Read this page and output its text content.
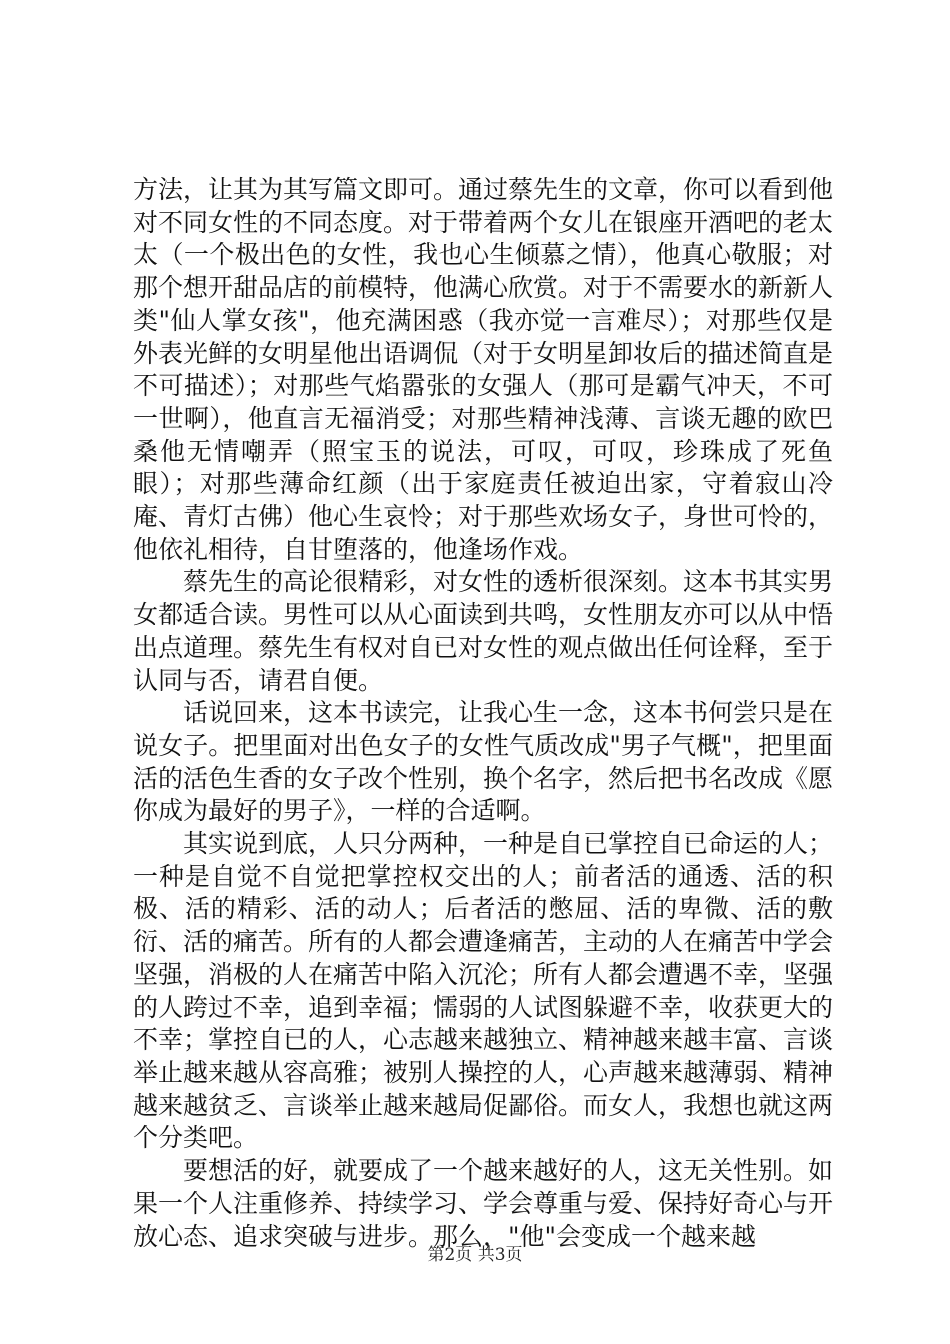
方法，让其为其写篇文即可。通过蔡先生的文章，你可以看到他对不同女性的不同态度。对于带着两个女儿在银座开酒吧的老太太（一个极出色的女性，我也心生倾慕之情），他真心敬服；对那个想开甜品店的前模特，他满心欣赏。对于不需要水的新新人类"仙人掌女孩"，他充满困惑（我亦觉一言难尽）；对那些仅是外表光鲜的女明星他出语调侃（对于女明星卸妆后的描述简直是不可描述）；对那些气焰嚣张的女强人（那可是霸气冲天，不可一世啊），他直言无福消受；对那些精神浅薄、言谈无趣的欧巴桑他无情嘲弄（照宝玉的说法，可叹，可叹，珍珠成了死鱼眼）；对那些薄命红颜（出于家庭责任被迫出家，守着寂山冷庵、青灯古佛）他心生哀怜；对于那些欢场女子，身世可怜的，他依礼相待，自甘堕落的，他逢场作戏。

蔡先生的高论很精彩，对女性的透析很深刻。这本书其实男女都适合读。男性可以从心面读到共鸣，女性朋友亦可以从中悟出点道理。蔡先生有权对自已对女性的观点做出任何诠释，至于认同与否，请君自便。

话说回来，这本书读完，让我心生一念，这本书何尝只是在说女子。把里面对出色女子的女性气质改成"男子气概"，把里面活的活色生香的女子改个性别，换个名字，然后把书名改成《愿你成为最好的男子》，一样的合适啊。

其实说到底，人只分两种，一种是自已掌控自已命运的人；一种是自觉不自觉把掌控权交出的人；前者活的通透、活的积极、活的精彩、活的动人；后者活的憋屈、活的卑微、活的敷衍、活的痛苦。所有的人都会遭逢痛苦，主动的人在痛苦中学会坚强，消极的人在痛苦中陷入沉沦；所有人都会遭遇不幸，坚强的人跨过不幸，追到幸福；懦弱的人试图躲避不幸，收获更大的不幸；掌控自已的人，心志越来越独立、精神越来越丰富、言谈举止越来越从容高雅；被别人操控的人，心声越来越薄弱、精神越来越贫乏、言谈举止越来越局促鄙俗。而女人，我想也就这两个分类吧。

要想活的好，就要成了一个越来越好的人，这无关性别。如果一个人注重修养、持续学习、学会尊重与爱、保持好奇心与开放心态、追求突破与进步。那么，"他"会变成一个越来越

第2页 共3页
